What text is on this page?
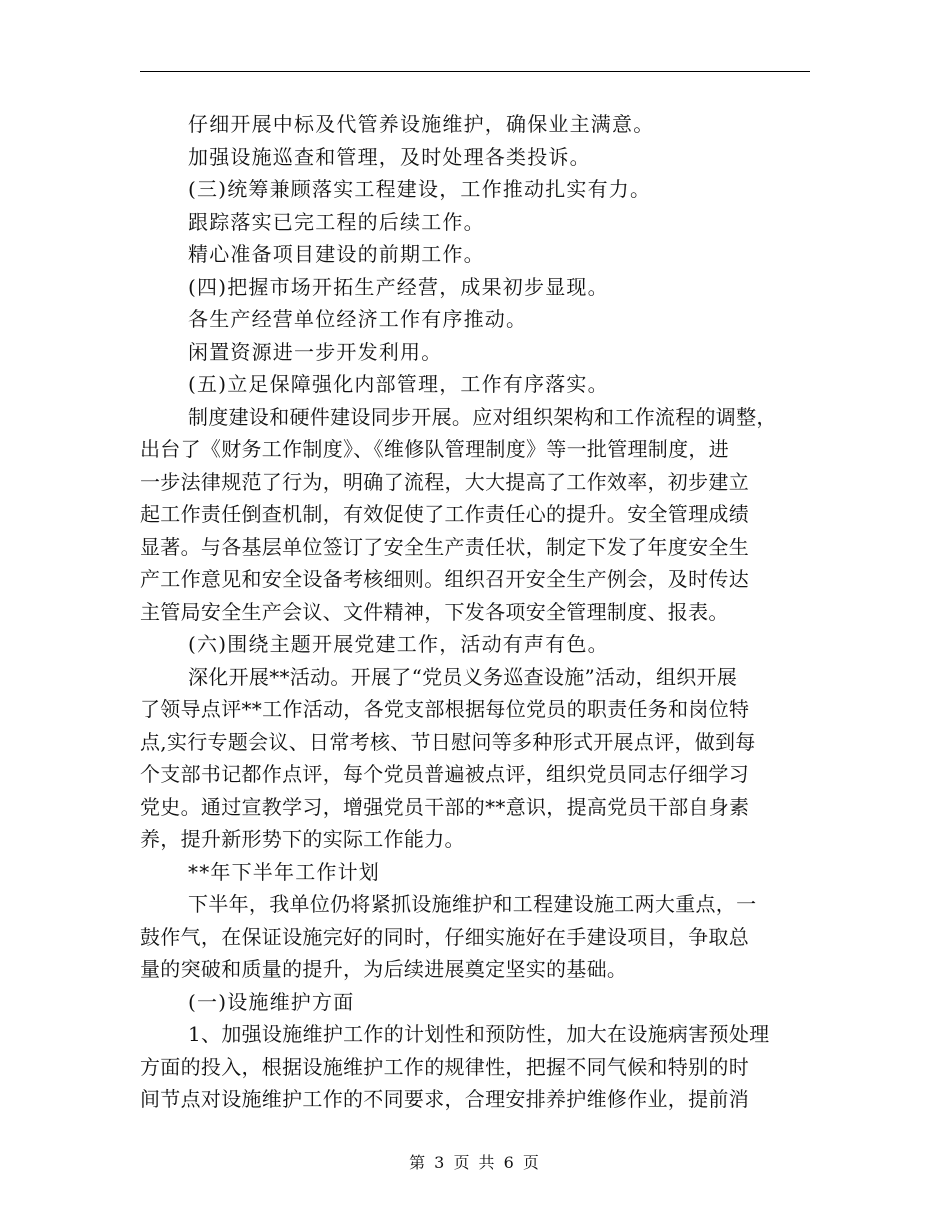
仔细开展中标及代管养设施维护，确保业主满意。
加强设施巡查和管理，及时处理各类投诉。
(三)统筹兼顾落实工程建设，工作推动扎实有力。
跟踪落实已完工程的后续工作。
精心准备项目建设的前期工作。
(四)把握市场开拓生产经营，成果初步显现。
各生产经营单位经济工作有序推动。
闲置资源进一步开发利用。
(五)立足保障强化内部管理，工作有序落实。
制度建设和硬件建设同步开展。应对组织架构和工作流程的调整，
出台了《财务工作制度》、《维修队管理制度》等一批管理制度，进
一步法律规范了行为，明确了流程，大大提高了工作效率，初步建立
起工作责任倒查机制，有效促使了工作责任心的提升。安全管理成绩
显著。与各基层单位签订了安全生产责任状，制定下发了年度安全生
产工作意见和安全设备考核细则。组织召开安全生产例会，及时传达
主管局安全生产会议、文件精神，下发各项安全管理制度、报表。
(六)围绕主题开展党建工作，活动有声有色。
深化开展**活动。开展了“党员义务巡查设施”活动，组织开展
了领导点评**工作活动，各党支部根据每位党员的职责任务和岗位特
点,实行专题会议、日常考核、节日慰问等多种形式开展点评，做到每
个支部书记都作点评，每个党员普遍被点评，组织党员同志仔细学习
党史。通过宣教学习，增强党员干部的**意识，提高党员干部自身素
养，提升新形势下的实际工作能力。
**年下半年工作计划
下半年，我单位仍将紧抓设施维护和工程建设施工两大重点，一
鼓作气，在保证设施完好的同时，仔细实施好在手建设项目，争取总
量的突破和质量的提升，为后续进展奠定坚实的基础。
(一)设施维护方面
1、加强设施维护工作的计划性和预防性，加大在设施病害预处理
方面的投入，根据设施维护工作的规律性，把握不同气候和特别的时
间节点对设施维护工作的不同要求，合理安排养护维修作业，提前消
第 3 页 共 6 页
